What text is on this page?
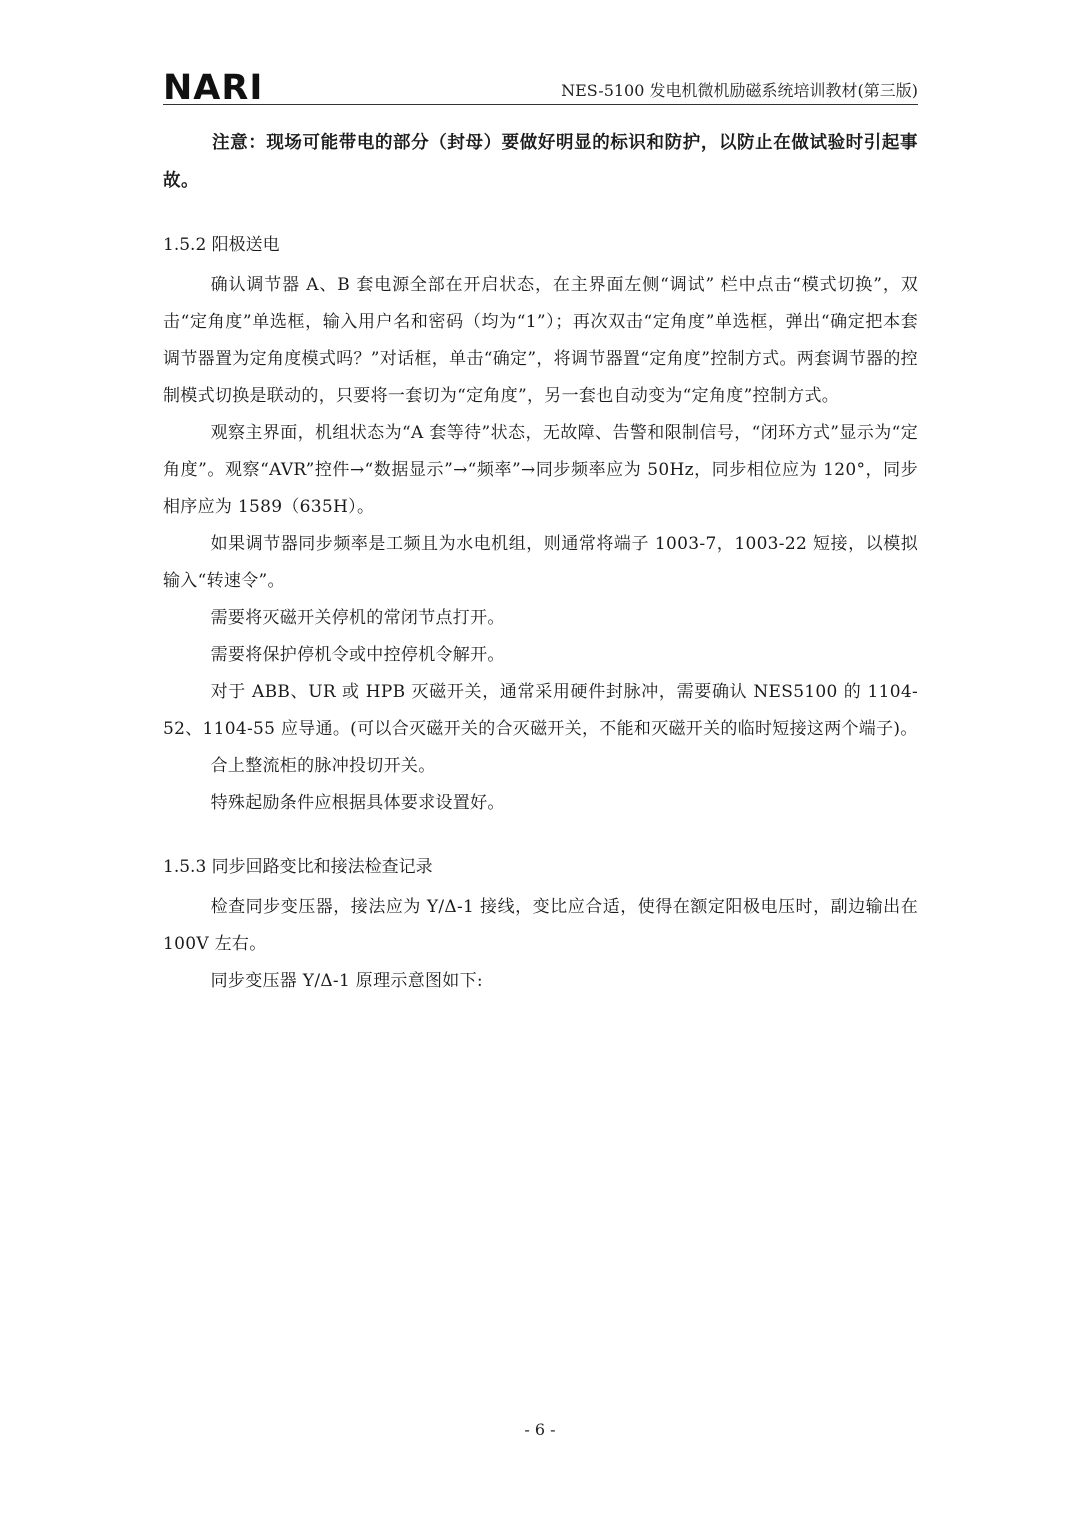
NARI	NES-5100 发电机微机励磁系统培训教材(第三版)

注意：现场可能带电的部分（封母）要做好明显的标识和防护，以防止在做试验时引起事故。

1.5.2 阳极送电

确认调节器 A、B 套电源全部在开启状态，在主界面左侧“调试” 栏中点击“模式切换”，双击“定角度”单选框，输入用户名和密码（均为“1”）；再次双击“定角度”单选框，弹出“确定把本套调节器置为定角度模式吗？”对话框，单击“确定”，将调节器置“定角度”控制方式。两套调节器的控制模式切换是联动的，只要将一套切为“定角度”，另一套也自动变为“定角度”控制方式。

观察主界面，机组状态为“A 套等待”状态，无故障、告警和限制信号，“闭环方式”显示为“定角度”。观察“AVR”控件→“数据显示”→“频率”→同步频率应为 50Hz，同步相位应为 120°，同步相序应为 1589（635H）。

如果调节器同步频率是工频且为水电机组，则通常将端子 1003-7，1003-22 短接，以模拟输入“转速令”。

需要将灭磁开关停机的常闭节点打开。

需要将保护停机令或中控停机令解开。

对于 ABB、UR 或 HPB 灭磁开关，通常采用硬件封脉冲，需要确认 NES5100 的 1104-52、1104-55 应导通。(可以合灭磁开关的合灭磁开关，不能和灭磁开关的临时短接这两个端子)。

合上整流柜的脉冲投切开关。

特殊起励条件应根据具体要求设置好。

1.5.3 同步回路变比和接法检查记录

检查同步变压器，接法应为 Y/Δ-1 接线，变比应合适，使得在额定阳极电压时，副边输出在 100V 左右。

同步变压器 Y/Δ-1 原理示意图如下:

- 6 -
